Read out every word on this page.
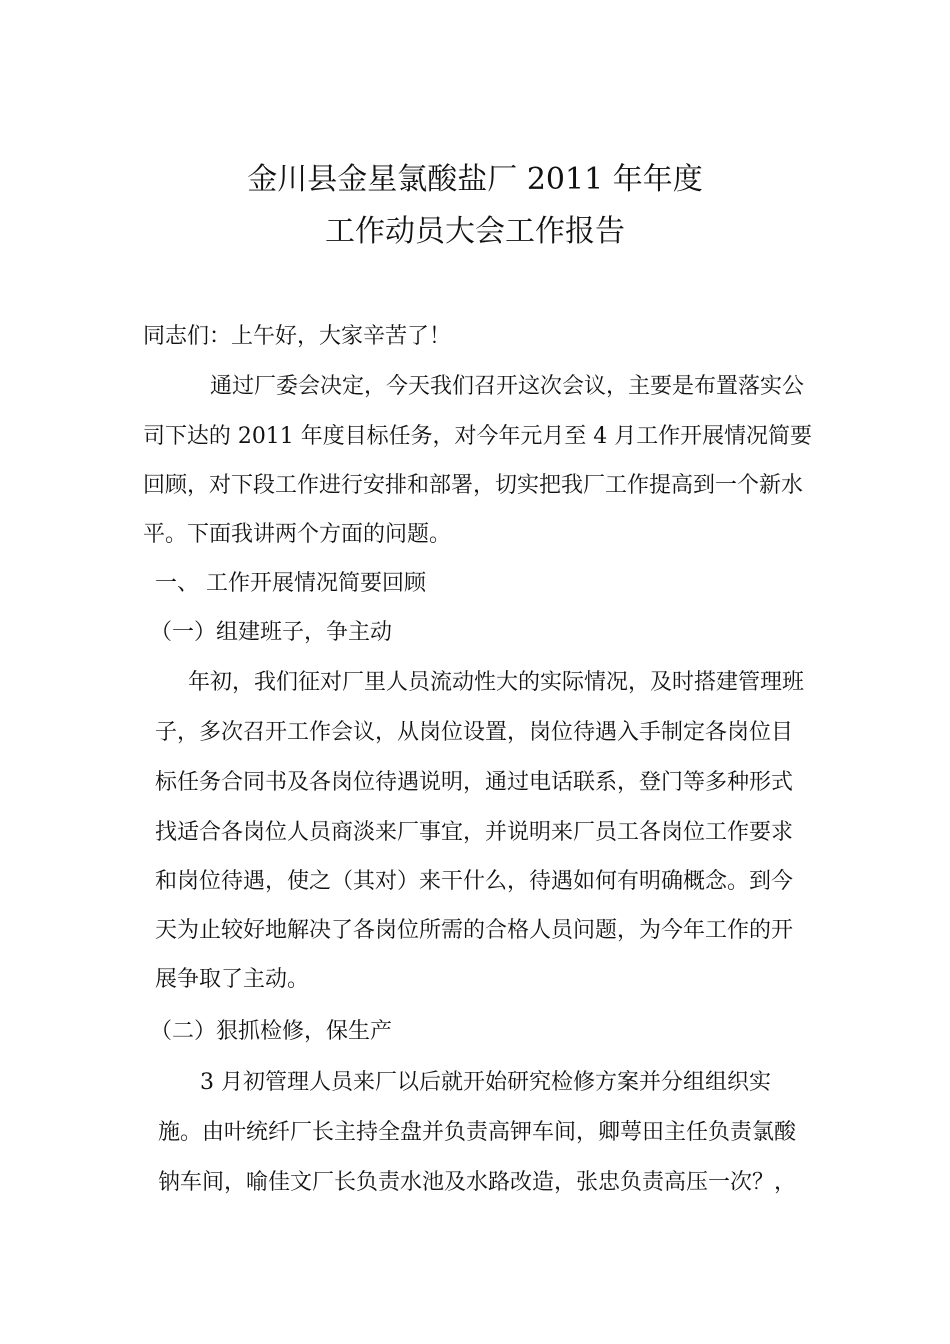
金川县金星氯酸盐厂 2011 年年度
工作动员大会工作报告
同志们：上午好，大家辛苦了！
通过厂委会决定，今天我们召开这次会议，主要是布置落实公
司下达的 2011 年度目标任务，对今年元月至 4 月工作开展情况简要
回顾，对下段工作进行安排和部署，切实把我厂工作提高到一个新水
平。下面我讲两个方面的问题。
一、 工作开展情况简要回顾
（一）组建班子，争主动
年初，我们征对厂里人员流动性大的实际情况，及时搭建管理班
子，多次召开工作会议，从岗位设置，岗位待遇入手制定各岗位目
标任务合同书及各岗位待遇说明，通过电话联系，登门等多种形式
找适合各岗位人员商淡来厂事宜，并说明来厂员工各岗位工作要求
和岗位待遇，使之（其对）来干什么，待遇如何有明确概念。到今
天为止较好地解决了各岗位所需的合格人员问题，为今年工作的开
展争取了主动。
（二）狠抓检修，保生产
3 月初管理人员来厂以后就开始研究检修方案并分组组织实
施。由叶统纤厂长主持全盘并负责高钾车间，卿萼田主任负责氯酸
钠车间，喻佳文厂长负责水池及水路改造，张忠负责高压一次？，
